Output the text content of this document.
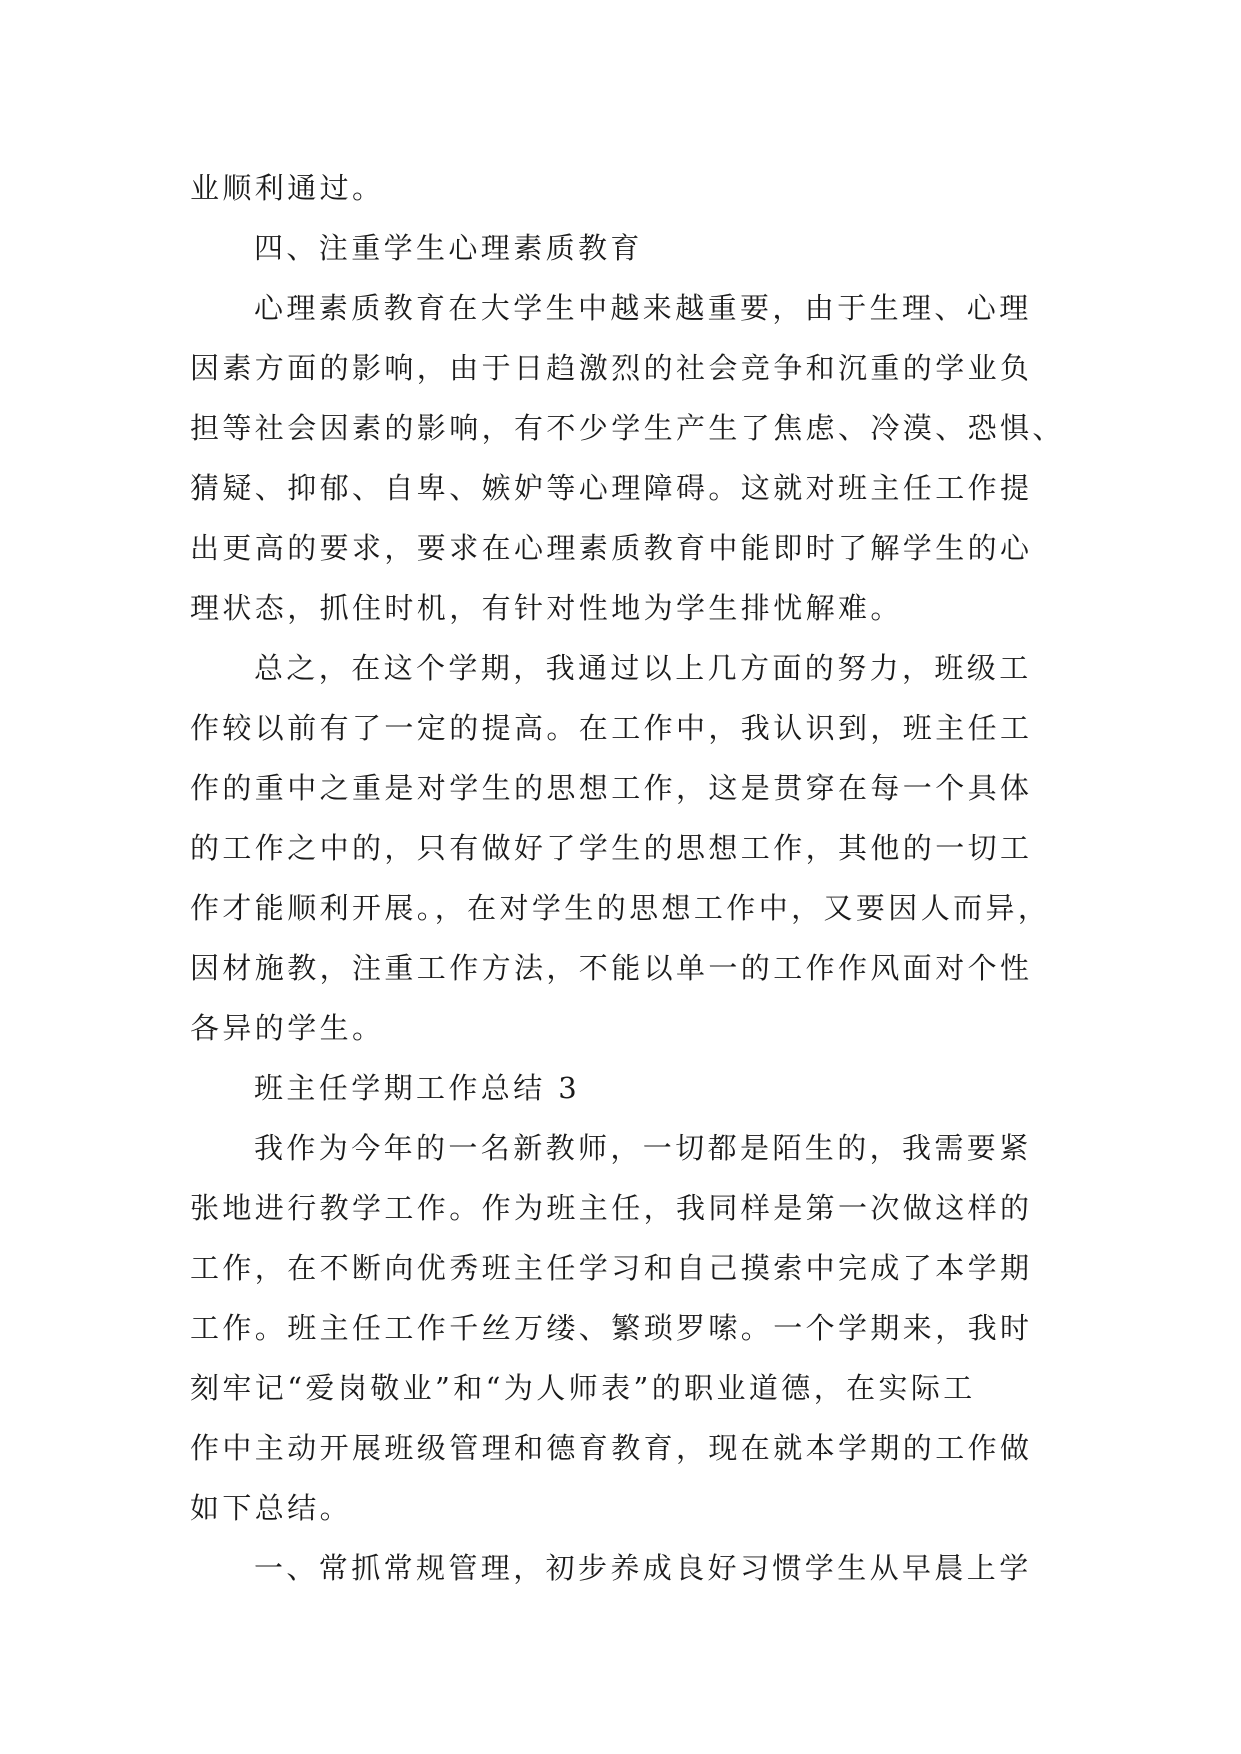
业顺利通过。
四、注重学生心理素质教育
心理素质教育在大学生中越来越重要，由于生理、心理
因素方面的影响，由于日趋激烈的社会竞争和沉重的学业负
担等社会因素的影响，有不少学生产生了焦虑、冷漠、恐惧、
猜疑、抑郁、自卑、嫉妒等心理障碍。这就对班主任工作提
出更高的要求，要求在心理素质教育中能即时了解学生的心
理状态，抓住时机，有针对性地为学生排忧解难。
总之，在这个学期，我通过以上几方面的努力，班级工
作较以前有了一定的提高。在工作中，我认识到，班主任工
作的重中之重是对学生的思想工作，这是贯穿在每一个具体
的工作之中的，只有做好了学生的思想工作，其他的一切工
作才能顺利开展。，在对学生的思想工作中，又要因人而异，
因材施教，注重工作方法，不能以单一的工作作风面对个性
各异的学生。
班主任学期工作总结 3
我作为今年的一名新教师，一切都是陌生的，我需要紧
张地进行教学工作。作为班主任，我同样是第一次做这样的
工作，在不断向优秀班主任学习和自己摸索中完成了本学期
工作。班主任工作千丝万缕、繁琐罗嗦。一个学期来，我时
刻牢记“爱岗敬业”和“为人师表”的职业道德，在实际工
作中主动开展班级管理和德育教育，现在就本学期的工作做
如下总结。
一、常抓常规管理，初步养成良好习惯学生从早晨上学
